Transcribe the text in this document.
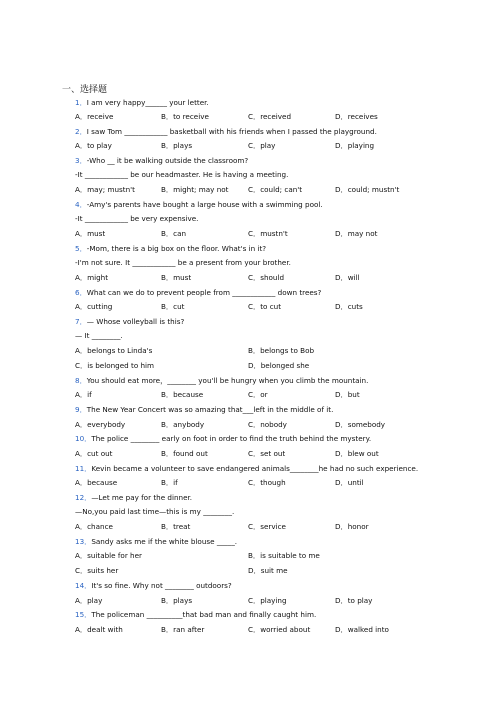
一、选择题
1．I am very happy______ your letter.
A．receive	B．to receive	C．received	D．receives
2．I saw Tom ____________ basketball with his friends when I passed the playground.
A．to play	B．plays	C．play	D．playing
3．-Who __ it be walking outside the classroom?
-It ____________ be our headmaster. He is having a meeting.
A．may; mustn't	B．might; may not	C．could; can't	D．could; mustn't
4．-Amy's parents have bought a large house with a swimming pool.
-It ____________ be very expensive.
A．must	B．can	C．mustn't	D．may not
5．-Mom, there is a big box on the floor. What's in it?
-I'm not sure. It ____________ be a present from your brother.
A．might	B．must	C．should	D．will
6．What can we do to prevent people from ____________ down trees?
A．cutting	B．cut	C．to cut	D．cuts
7．— Whose volleyball is this?
— It ________.
A．belongs to Linda's	B．belongs to Bob
C．is belonged to him	D．belonged she
8．You should eat more，________ you'll be hungry when you climb the mountain.
A．if	B．because	C．or	D．but
9．The New Year Concert was so amazing that___left in the middle of it.
A．everybody	B．anybody	C．nobody	D．somebody
10．The police ________ early on foot in order to find the truth behind the mystery.
A．cut out	B．found out	C．set out	D．blew out
11．Kevin became a volunteer to save endangered animals________he had no such experience.
A．because	B．if	C．though	D．until
12．—Let me pay for the dinner.
—No,you paid last time—this is my ________.
A．chance	B．treat	C．service	D．honor
13．Sandy asks me if the white blouse _____.
A．suitable for her	B．is suitable to me
C．suits her	D．suit me
14．It's so fine. Why not ________ outdoors?
A．play	B．plays	C．playing	D．to play
15．The policeman __________that bad man and finally caught him.
A．dealt with	B．ran after	C．worried about	D．walked into
